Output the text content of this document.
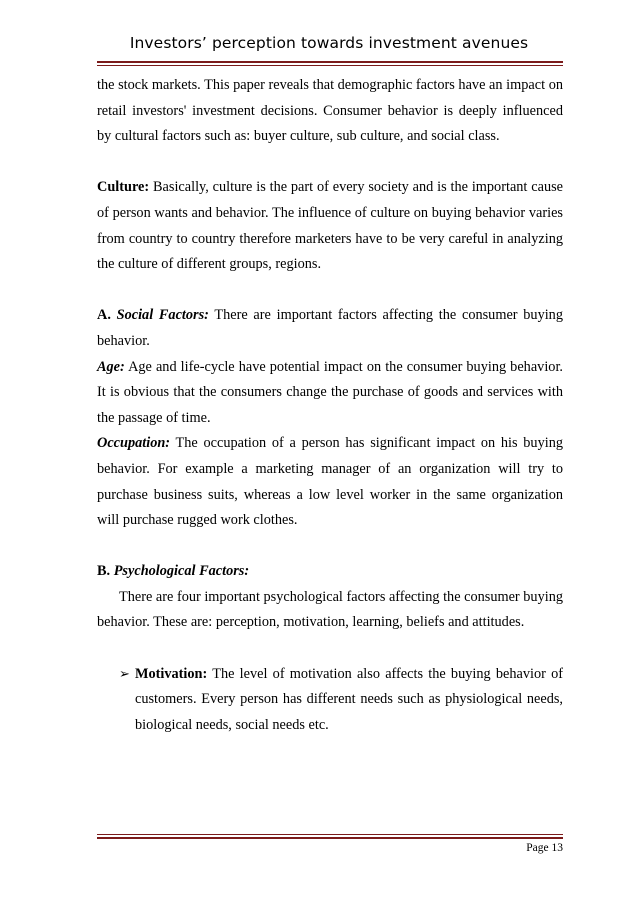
Investors’ perception towards investment avenues

the stock markets. This paper reveals that demographic factors have an impact on retail investors' investment decisions. Consumer behavior is deeply influenced by cultural factors such as: buyer culture, sub culture, and social class.

Culture: Basically, culture is the part of every society and is the important cause of person wants and behavior. The influence of culture on buying behavior varies from country to country therefore marketers have to be very careful in analyzing the culture of different groups, regions.

A. Social Factors: There are important factors affecting the consumer buying behavior.

Age: Age and life-cycle have potential impact on the consumer buying behavior. It is obvious that the consumers change the purchase of goods and services with the passage of time.

Occupation: The occupation of a person has significant impact on his buying behavior. For example a marketing manager of an organization will try to purchase business suits, whereas a low level worker in the same organization will purchase rugged work clothes.

B. Psychological Factors:

There are four important psychological factors affecting the consumer buying behavior. These are: perception, motivation, learning, beliefs and attitudes.

➢ Motivation: The level of motivation also affects the buying behavior of customers. Every person has different needs such as physiological needs, biological needs, social needs etc.
Page 13
